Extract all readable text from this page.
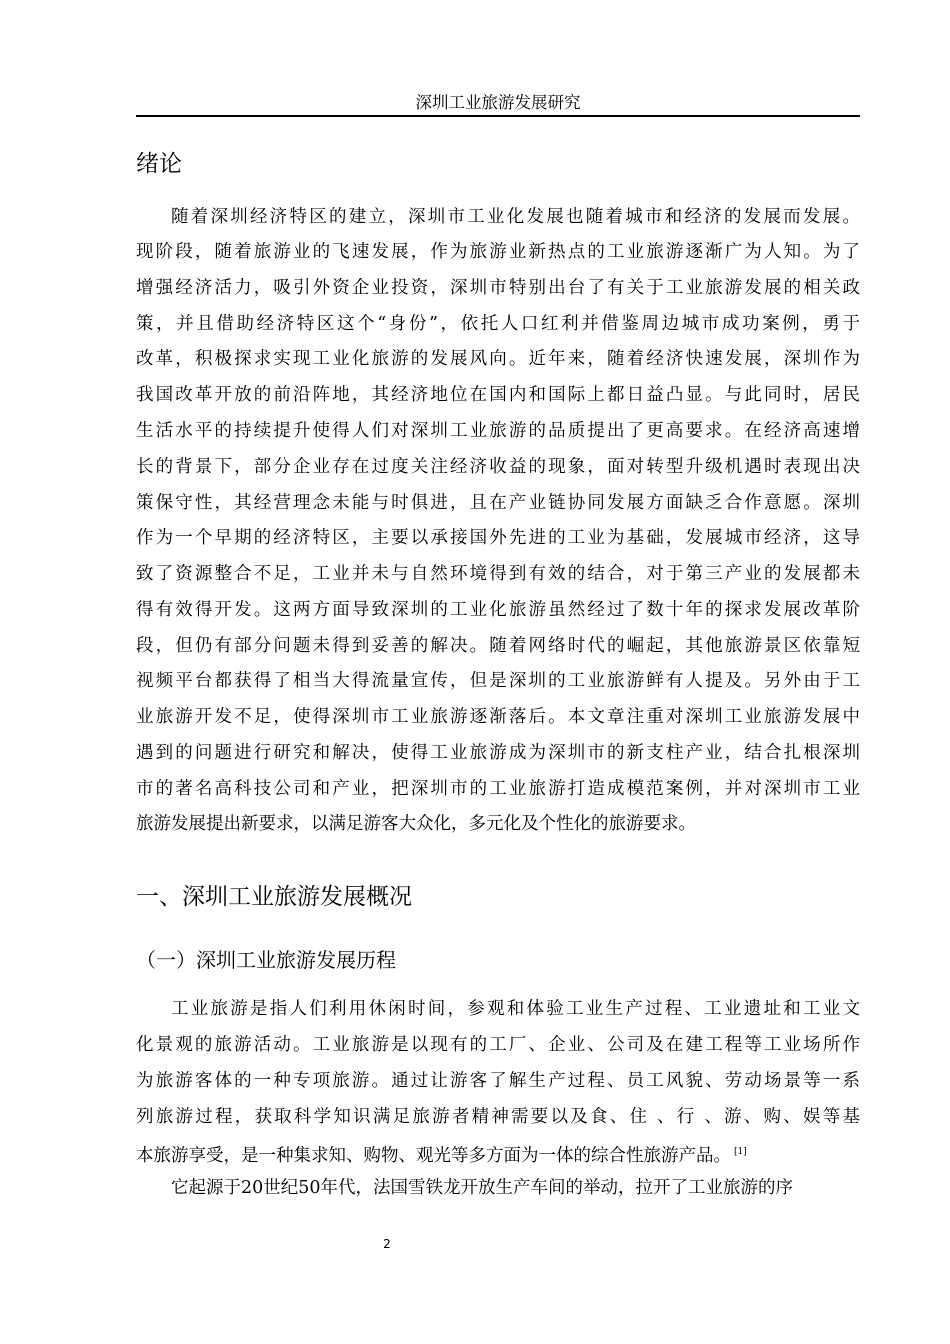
深圳工业旅游发展研究
绪论
随着深圳经济特区的建立，深圳市工业化发展也随着城市和经济的发展而发展。
现阶段，随着旅游业的飞速发展，作为旅游业新热点的工业旅游逐渐广为人知。为了
增强经济活力，吸引外资企业投资，深圳市特别出台了有关于工业旅游发展的相关政
策，并且借助经济特区这个“身份”，依托人口红利并借鉴周边城市成功案例，勇于
改革，积极探求实现工业化旅游的发展风向。近年来，随着经济快速发展，深圳作为
我国改革开放的前沿阵地，其经济地位在国内和国际上都日益凸显。与此同时，居民
生活水平的持续提升使得人们对深圳工业旅游的品质提出了更高要求。在经济高速增
长的背景下，部分企业存在过度关注经济收益的现象，面对转型升级机遇时表现出决
策保守性，其经营理念未能与时俱进，且在产业链协同发展方面缺乏合作意愿。深圳
作为一个早期的经济特区，主要以承接国外先进的工业为基础，发展城市经济，这导
致了资源整合不足，工业并未与自然环境得到有效的结合，对于第三产业的发展都未
得有效得开发。这两方面导致深圳的工业化旅游虽然经过了数十年的探求发展改革阶
段，但仍有部分问题未得到妥善的解决。随着网络时代的崛起，其他旅游景区依靠短
视频平台都获得了相当大得流量宣传，但是深圳的工业旅游鲜有人提及。另外由于工
业旅游开发不足，使得深圳市工业旅游逐渐落后。本文章注重对深圳工业旅游发展中
遇到的问题进行研究和解决，使得工业旅游成为深圳市的新支柱产业，结合扎根深圳
市的著名高科技公司和产业，把深圳市的工业旅游打造成模范案例，并对深圳市工业
旅游发展提出新要求，以满足游客大众化，多元化及个性化的旅游要求。
一、深圳工业旅游发展概况
（一）深圳工业旅游发展历程
工业旅游是指人们利用休闲时间，参观和体验工业生产过程、工业遗址和工业文
化景观的旅游活动。工业旅游是以现有的工厂、企业、公司及在建工程等工业场所作
为旅游客体的一种专项旅游。通过让游客了解生产过程、员工风貌、劳动场景等一系
列旅游过程，获取科学知识满足旅游者精神需要以及食、住 、行 、游、购、娱等基
本旅游享受，是一种集求知、购物、观光等多方面为一体的综合性旅游产品。 [1]
它起源于20世纪50年代，法国雪铁龙开放生产车间的举动，拉开了工业旅游的序
2
